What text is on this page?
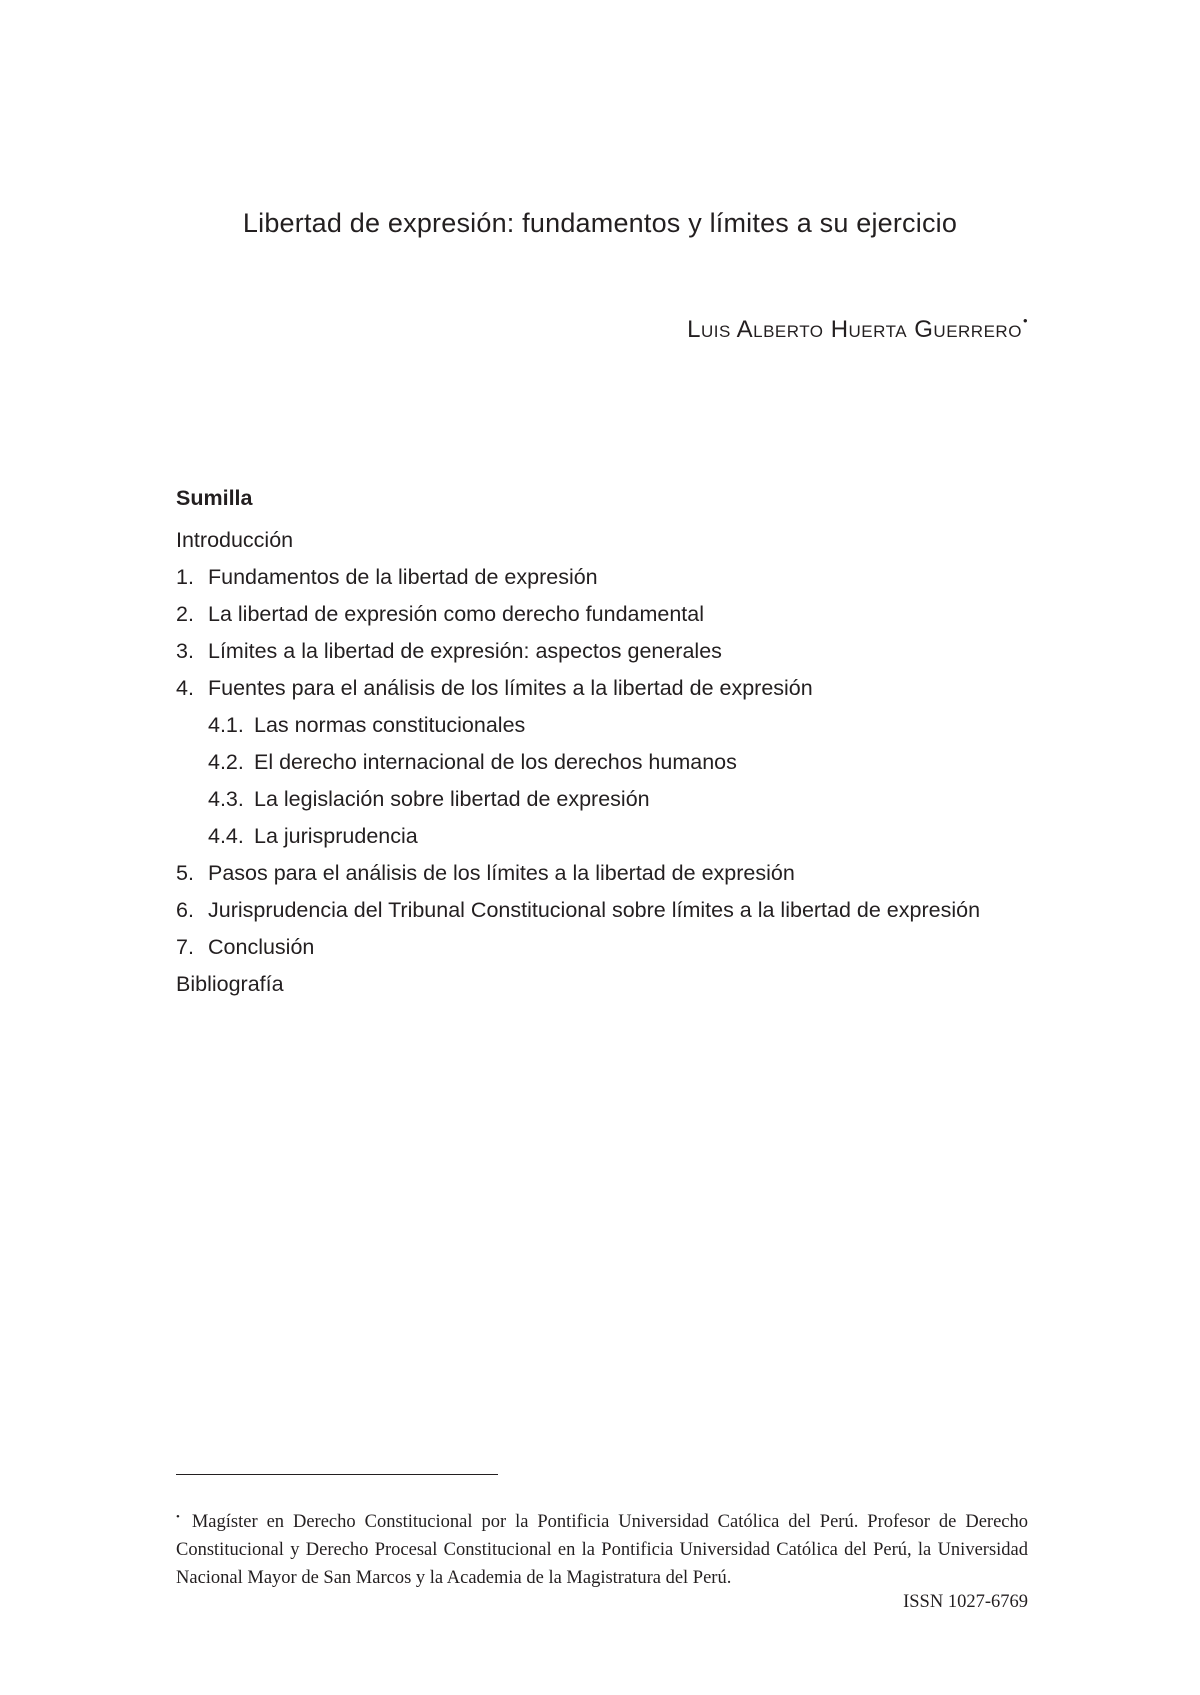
Libertad de expresión: fundamentos y límites a su ejercicio
Luis Alberto Huerta Guerrero•
Sumilla
Introducción
1. Fundamentos de la libertad de expresión
2. La libertad de expresión como derecho fundamental
3. Límites a la libertad de expresión: aspectos generales
4. Fuentes para el análisis de los límites a la libertad de expresión
4.1. Las normas constitucionales
4.2. El derecho internacional de los derechos humanos
4.3. La legislación sobre libertad de expresión
4.4. La jurisprudencia
5. Pasos para el análisis de los límites a la libertad de expresión
6. Jurisprudencia del Tribunal Constitucional sobre límites a la libertad de expresión
7. Conclusión
Bibliografía

• Magíster en Derecho Constitucional por la Pontificia Universidad Católica del Perú. Profesor de Derecho Constitucional y Derecho Procesal Constitucional en la Pontificia Universidad Católica del Perú, la Universidad Nacional Mayor de San Marcos y la Academia de la Magistratura del Perú.

ISSN 1027-6769
